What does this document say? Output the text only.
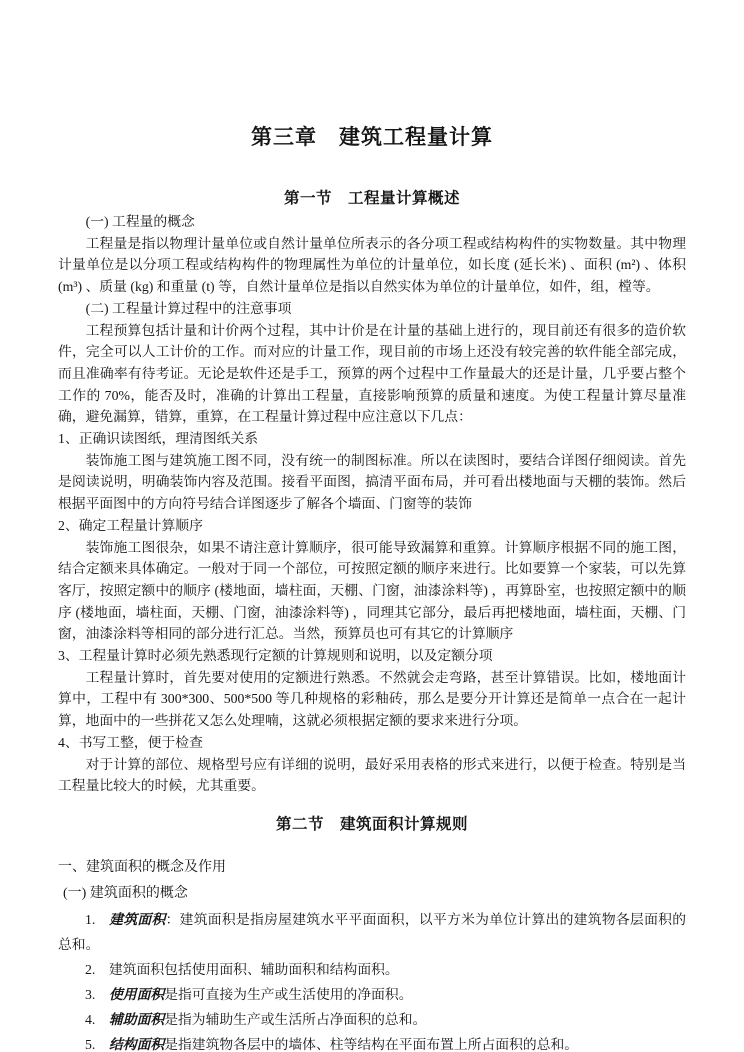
第三章　建筑工程量计算
第一节　工程量计算概述

(一) 工程量的概念

工程量是指以物理计量单位或自然计量单位所表示的各分项工程或结构构件的实物数量。其中物理计量单位是以分项工程或结构构件的物理属性为单位的计量单位，如长度 (延长米) 、面积 (m²) 、体积 (m³) 、质量 (kg) 和重量 (t) 等，自然计量单位是指以自然实体为单位的计量单位，如件，组，樘等。

(二) 工程量计算过程中的注意事项

工程预算包括计量和计价两个过程，其中计价是在计量的基础上进行的，现目前还有很多的造价软件，完全可以人工计价的工作。而对应的计量工作，现目前的市场上还没有较完善的软件能全部完成，而且准确率有待考证。无论是软件还是手工，预算的两个过程中工作量最大的还是计量，几乎要占整个工作的 70%，能否及时，准确的计算出工程量，直接影响预算的质量和速度。为使工程量计算尽量准确，避免漏算，错算，重算，在工程量计算过程中应注意以下几点：

1、正确识读图纸，理清图纸关系

装饰施工图与建筑施工图不同，没有统一的制图标准。所以在读图时，要结合详图仔细阅读。首先是阅读说明，明确装饰内容及范围。接看平面图，搞清平面布局，并可看出楼地面与天棚的装饰。然后根据平面图中的方向符号结合详图逐步了解各个墙面、门窗等的装饰

2、确定工程量计算顺序

装饰施工图很杂，如果不请注意计算顺序，很可能导致漏算和重算。计算顺序根据不同的施工图，结合定额来具体确定。一般对于同一个部位，可按照定额的顺序来进行。比如要算一个家装，可以先算客厅，按照定额中的顺序 (楼地面，墙柱面，天棚、门窗，油漆涂料等) ，再算卧室，也按照定额中的顺序 (楼地面，墙柱面，天棚、门窗，油漆涂料等) ，同理其它部分，最后再把楼地面，墙柱面，天棚、门窗，油漆涂料等相同的部分进行汇总。当然，预算员也可有其它的计算顺序

3、工程量计算时必须先熟悉现行定额的计算规则和说明，以及定额分项

工程量计算时，首先要对使用的定额进行熟悉。不然就会走弯路，甚至计算错误。比如，楼地面计算中，工程中有 300*300、500*500 等几种规格的彩釉砖，那么是要分开计算还是简单一点合在一起计算，地面中的一些拼花又怎么处理喃，这就必须根据定额的要求来进行分项。

4、书写工整，便于检查

对于计算的部位、规格型号应有详细的说明，最好采用表格的形式来进行，以便于检查。特别是当工程量比较大的时候，尤其重要。

第二节　建筑面积计算规则

一、建筑面积的概念及作用

(一) 建筑面积的概念

1. 建筑面积：建筑面积是指房屋建筑水平平面面积，以平方米为单位计算出的建筑物各层面积的总和。
2. 建筑面积包括使用面积、辅助面积和结构面积。
3. 使用面积是指可直接为生产或生活使用的净面积。
4. 辅助面积是指为辅助生产或生活所占净面积的总和。
5. 结构面积是指建筑物各层中的墙体、柱等结构在平面布置上所占面积的总和。
